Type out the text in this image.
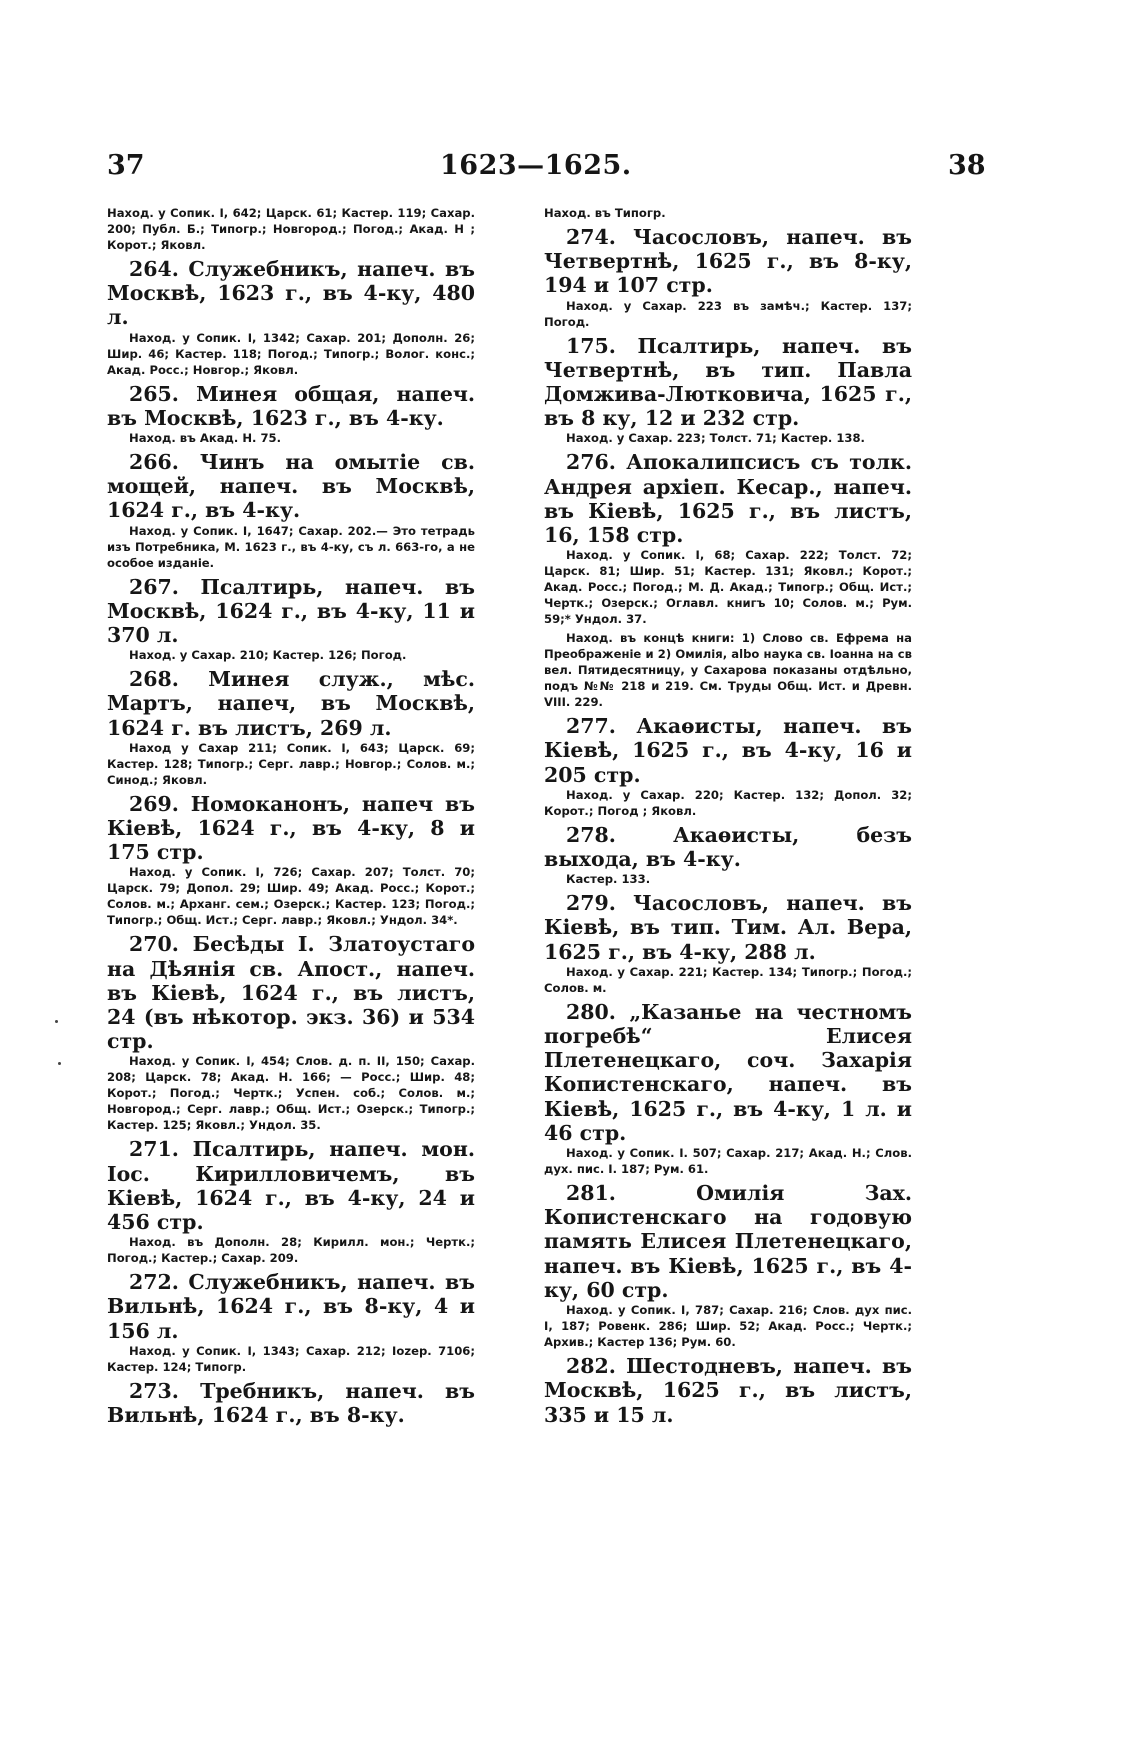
37	1623—1625.	38

Наход. у Сопик. I, 642; Царск. 61; Кастер. 119; Сахар. 200; Публ. Б.; Типогр.; Новгород.; Погод.; Акад. Н ; Корот.; Яковл.

264. Служебникъ, напеч. въ Москвѣ, 1623 г., въ 4-ку, 480 л.

Наход. у Сопик. I, 1342; Сахар. 201; Дополн. 26; Шир. 46; Кастер. 118; Погод.; Типогр.; Волог. конс.; Акад. Росс.; Новгор.; Яковл.

265. Минея общая, напеч. въ Москвѣ, 1623 г., въ 4-ку.

Наход. въ Акад. Н. 75.

266. Чинъ на омытіе св. мощей, напеч. въ Москвѣ, 1624 г., въ 4-ку.

Наход. у Сопик. I, 1647; Сахар. 202.— Это тетрадь изъ Потребника, М. 1623 г., въ 4-ку, съ л. 663-го, а не особое изданіе.

267. Псалтирь, напеч. въ Москвѣ, 1624 г., въ 4-ку, 11 и 370 л.

Наход. у Сахар. 210; Кастер. 126; Погод.

268. Минея служ., мѣс. Мартъ, напеч, въ Москвѣ, 1624 г. въ листъ, 269 л.

Наход у Сахар 211; Сопик. I, 643; Царск. 69; Кастер. 128; Типогр.; Серг. лавр.; Новгор.; Солов. м.; Синод.; Яковл.

269. Номоканонъ, напеч въ Кіевѣ, 1624 г., въ 4-ку, 8 и 175 стр.

Наход. у Сопик. I, 726; Сахар. 207; Толст. 70; Царск. 79; Допол. 29; Шир. 49; Акад. Росс.; Корот.; Солов. м.; Арханг. сем.; Озерск.; Кастер. 123; Погод.; Типогр.; Общ. Ист.; Серг. лавр.; Яковл.; Ундол. 34*.

270. Бесѣды I. Златоустаго на Дѣянія св. Апост., напеч. въ Кіевѣ, 1624 г., въ листъ, 24 (въ нѣкотор. экз. 36) и 534 стр.

Наход. у Сопик. I, 454; Слов. д. п. II, 150; Сахар. 208; Царск. 78; Акад. Н. 166; — Росс.; Шир. 48; Корот.; Погод.; Чертк.; Успен. соб.; Солов. м.; Новгород.; Серг. лавр.; Общ. Ист.; Озерск.; Типогр.; Кастер. 125; Яковл.; Ундол. 35.

271. Псалтирь, напеч. мон. Іос. Кирилловичемъ, въ Кіевѣ, 1624 г., въ 4-ку, 24 и 456 стр.

Наход. въ Дополн. 28; Кирилл. мон.; Чертк.; Погод.; Кастер.; Сахар. 209.

272. Служебникъ, напеч. въ Вильнѣ, 1624 г., въ 8-ку, 4 и 156 л.

Наход. у Сопик. I, 1343; Сахар. 212; Іоzер. 7106; Кастер. 124; Типогр.

273. Требникъ, напеч. въ Вильнѣ, 1624 г., въ 8-ку.

Наход. въ Типогр.

274. Часословъ, напеч. въ Четвертнѣ, 1625 г., въ 8-ку, 194 и 107 стр.

Наход. у Сахар. 223 въ замѣч.; Кастер. 137; Погод.

175. Псалтирь, напеч. въ Четвертнѣ, въ тип. Павла Домжива-Лютковича, 1625 г., въ 8 ку, 12 и 232 стр.

Наход. у Сахар. 223; Толст. 71; Кастер. 138.

276. Апокалипсисъ съ толк. Андрея архіеп. Кесар., напеч. въ Кіевѣ, 1625 г., въ листъ, 16, 158 стр.

Наход. у Сопик. I, 68; Сахар. 222; Толст. 72; Царск. 81; Шир. 51; Кастер. 131; Яковл.; Корот.; Акад. Росс.; Погод.; М. Д. Акад.; Типогр.; Общ. Ист.; Чертк.; Озерск.; Оглавл. книгъ 10; Солов. м.; Рум. 59;* Ундол. 37.

Наход. въ концѣ книги: 1) Слово св. Ефрема на Преображеніе и 2) Омилія, albo наука св. Іоанна на св вел. Пятидесятницу, у Сахарова показаны отдѣльно, подъ №№ 218 и 219. См. Труды Общ. Ист. и Древн. VIII. 229.

277. Акаѳисты, напеч. въ Кіевѣ, 1625 г., въ 4-ку, 16 и 205 стр.

Наход. у Сахар. 220; Кастер. 132; Допол. 32; Корот.; Погод ; Яковл.

278. Акаѳисты, безъ выхода, въ 4-ку.

Кастер. 133.

279. Часословъ, напеч. въ Кіевѣ, въ тип. Тим. Ал. Вера, 1625 г., въ 4-ку, 288 л.

Наход. у Сахар. 221; Кастер. 134; Типогр.; Погод.; Солов. м.

280. „Казанье на честномъ погребѣ“ Елисея Плетенецкаго, соч. Захарія Копистенскаго, напеч. въ Кіевѣ, 1625 г., въ 4-ку, 1 л. и 46 стр.

Наход. у Сопик. I. 507; Сахар. 217; Акад. Н.; Слов. дух. пис. I. 187; Рум. 61.

281. Омилія Зах. Копистенскаго на годовую память Елисея Плетенецкаго, напеч. въ Кіевѣ, 1625 г., въ 4-ку, 60 стр.

Наход. у Сопик. I, 787; Сахар. 216; Слов. дух пис. I, 187; Ровенк. 286; Шир. 52; Акад. Росс.; Чертк.; Архив.; Кастер 136; Рум. 60.

282. Шестодневъ, напеч. въ Москвѣ, 1625 г., въ листъ, 335 и 15 л.
